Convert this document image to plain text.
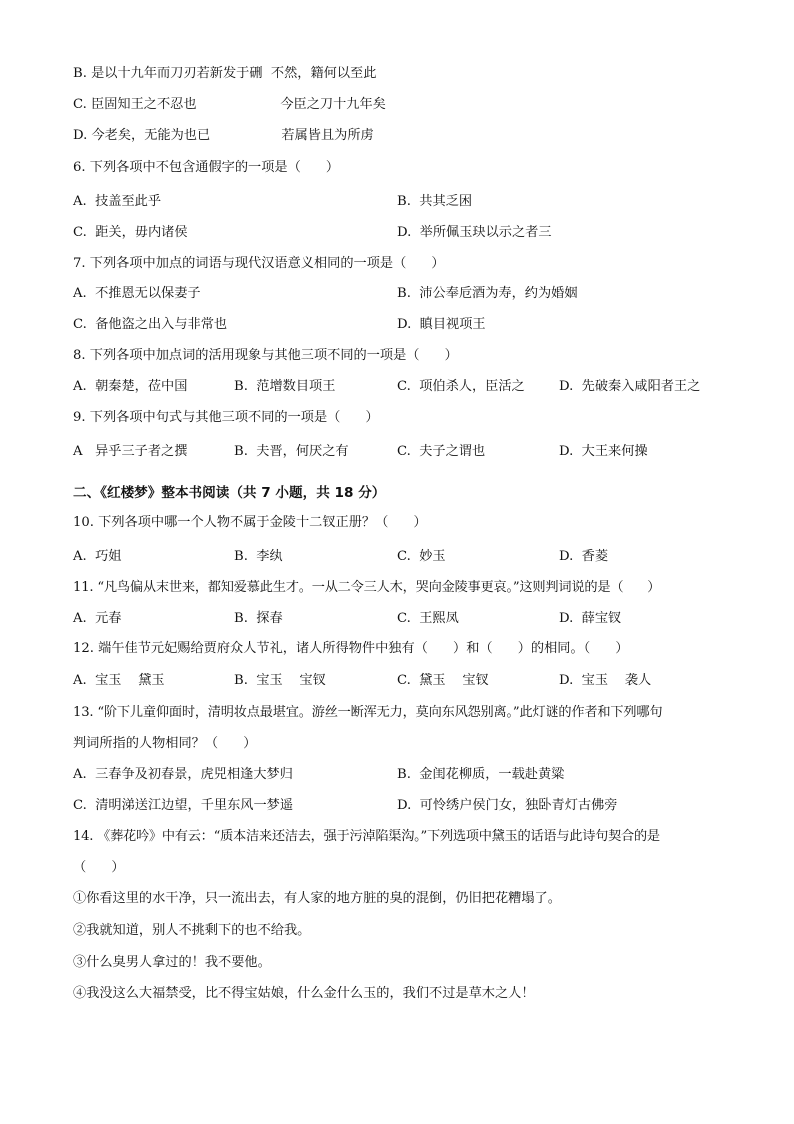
B. 是以十九年而刀刃若新发于硎  不然，籍何以至此
C. 臣固知王之不忍也                    今臣之刀十九年矣
D. 今老矣，无能为也已                 若属皆且为所虏
6. 下列各项中不包含通假字的一项是（      ）
A.  技盖至此乎	B.  共其乏困
C.  距关，毋内诸侯	D.  举所佩玉玦以示之者三
7. 下列各项中加点的词语与现代汉语意义相同的一项是（      ）
A.  不推恩无以保妻子	B.  沛公奉卮酒为寿，约为婚姻
C.  备他盗之出入与非常也	D.  瞋目视项王
8. 下列各项中加点词的活用现象与其他三项不同的一项是（      ）
A.  朝秦楚，莅中国	B.  范增数目项王	C.  项伯杀人，臣活之	D.  先破秦入咸阳者王之
9. 下列各项中句式与其他三项不同的一项是（      ）
A   异乎三子者之撰	B.  夫晋，何厌之有	C.  夫子之谓也	D.  大王来何操
二、《红楼梦》整本书阅读（共 7 小题，共 18 分）
10. 下列各项中哪一个人物不属于金陵十二钗正册？（      ）
A.  巧姐	B.  李纨	C.  妙玉	D.  香菱
11. “凡鸟偏从末世来，都知爱慕此生才。一从二令三人木，哭向金陵事更哀。”这则判词说的是（      ）
A.  元春	B.  探春	C.  王熙凤	D.  薛宝钗
12. 端午佳节元妃赐给贾府众人节礼，诸人所得物件中独有（      ）和（      ）的相同。（      ）
A.  宝玉    黛玉	B.  宝玉    宝钗	C.  黛玉    宝钗	D.  宝玉    袭人
13. “阶下儿童仰面时，清明妆点最堪宜。游丝一断浑无力，莫向东风怨别离。”此灯谜的作者和下列哪句
判词所指的人物相同？（      ）
A.  三春争及初春景，虎兕相逢大梦归	B.  金闺花柳质，一载赴黄粱
C.  清明涕送江边望，千里东风一梦遥	D.  可怜绣户侯门女，独卧青灯古佛旁
14. 《葬花吟》中有云：“质本洁来还洁去，强于污淖陷渠沟。”下列选项中黛玉的话语与此诗句契合的是
（      ）
①你看这里的水干净，只一流出去，有人家的地方脏的臭的混倒，仍旧把花糟塌了。
②我就知道，别人不挑剩下的也不给我。
③什么臭男人拿过的！我不要他。
④我没这么大福禁受，比不得宝姑娘，什么金什么玉的，我们不过是草木之人！
